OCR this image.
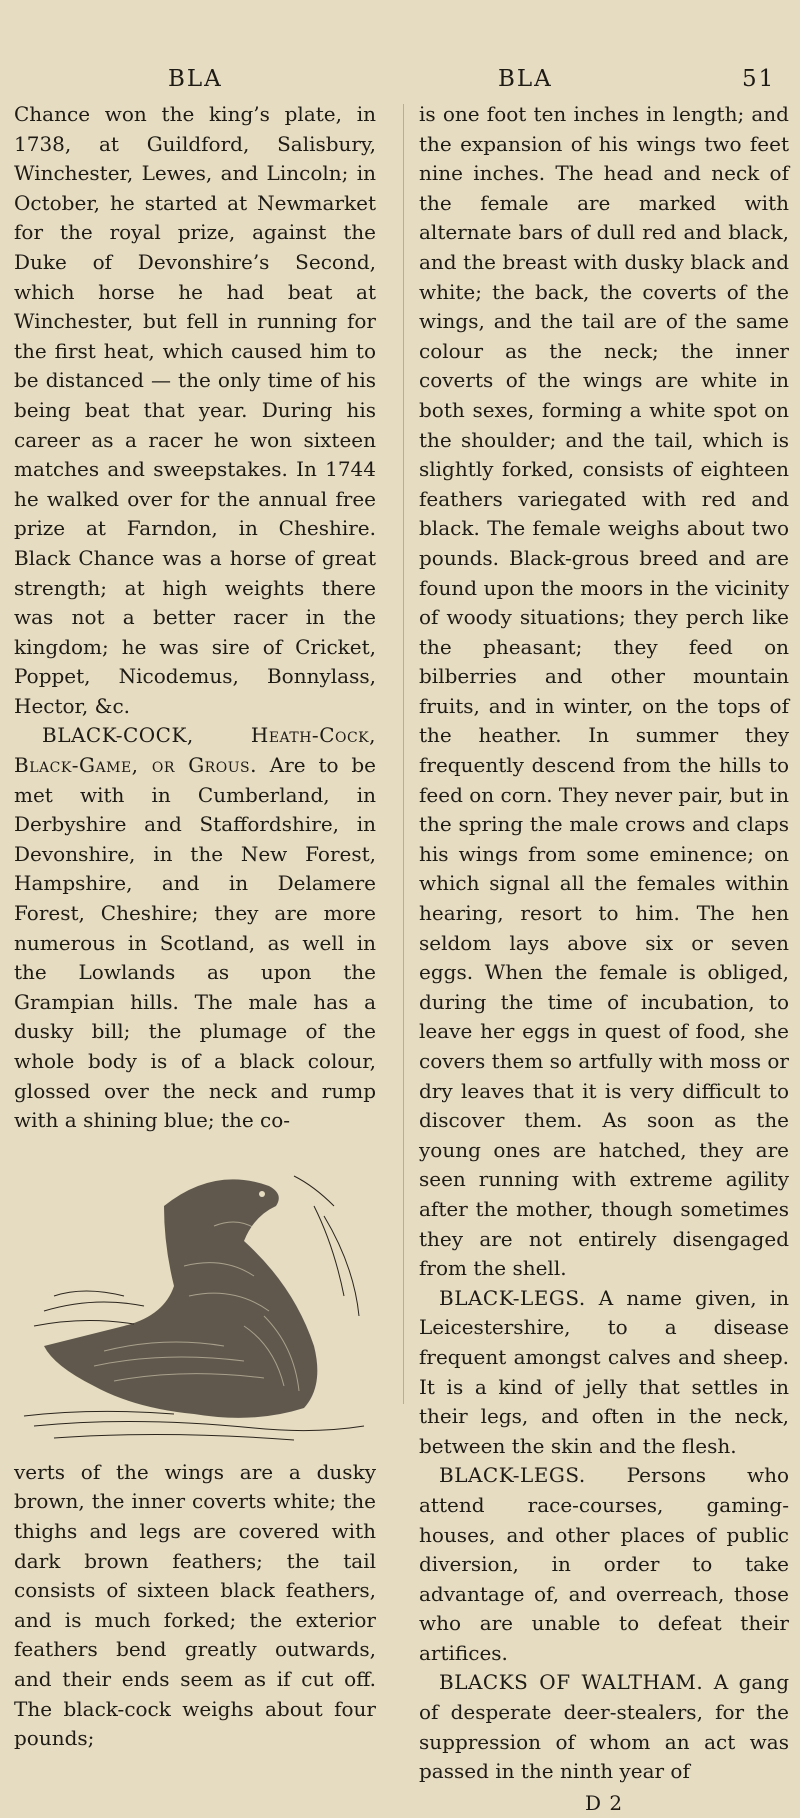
BLA	BLA	51

Chance won the king’s plate, in 1738, at Guildford, Salisbury, Winchester, Lewes, and Lincoln; in October, he started at Newmarket for the royal prize, against the Duke of Devonshire’s Second, which horse he had beat at Winchester, but fell in running for the first heat, which caused him to be distanced — the only time of his being beat that year. During his career as a racer he won sixteen matches and sweepstakes. In 1744 he walked over for the annual free prize at Farndon, in Cheshire. Black Chance was a horse of great strength; at high weights there was not a better racer in the kingdom; he was sire of Cricket, Poppet, Nicodemus, Bonnylass, Hector, &c.

BLACK-COCK, Heath-Cock, Black-Game, or Grous. Are to be met with in Cumberland, in Derbyshire and Staffordshire, in Devonshire, in the New Forest, Hampshire, and in Delamere Forest, Cheshire; they are more numerous in Scotland, as well in the Lowlands as upon the Grampian hills. The male has a dusky bill; the plumage of the whole body is of a black colour, glossed over the neck and rump with a shining blue; the co-

verts of the wings are a dusky brown, the inner coverts white; the thighs and legs are covered with dark brown feathers; the tail consists of sixteen black feathers, and is much forked; the exterior feathers bend greatly outwards, and their ends seem as if cut off. The black-cock weighs about four pounds;

is one foot ten inches in length; and the expansion of his wings two feet nine inches. The head and neck of the female are marked with alternate bars of dull red and black, and the breast with dusky black and white; the back, the coverts of the wings, and the tail are of the same colour as the neck; the inner coverts of the wings are white in both sexes, forming a white spot on the shoulder; and the tail, which is slightly forked, consists of eighteen feathers variegated with red and black. The female weighs about two pounds. Black-grous breed and are found upon the moors in the vicinity of woody situations; they perch like the pheasant; they feed on bilberries and other mountain fruits, and in winter, on the tops of the heather. In summer they frequently descend from the hills to feed on corn. They never pair, but in the spring the male crows and claps his wings from some eminence; on which signal all the females within hearing, resort to him. The hen seldom lays above six or seven eggs. When the female is obliged, during the time of incubation, to leave her eggs in quest of food, she covers them so artfully with moss or dry leaves that it is very difficult to discover them. As soon as the young ones are hatched, they are seen running with extreme agility after the mother, though sometimes they are not entirely disengaged from the shell.

BLACK-LEGS. A name given, in Leicestershire, to a disease frequent amongst calves and sheep. It is a kind of jelly that settles in their legs, and often in the neck, between the skin and the flesh.

BLACK-LEGS. Persons who attend race-courses, gaming-houses, and other places of public diversion, in order to take advantage of, and overreach, those who are unable to defeat their artifices.

BLACKS OF WALTHAM. A gang of desperate deer-stealers, for the suppression of whom an act was passed in the ninth year of

D 2
